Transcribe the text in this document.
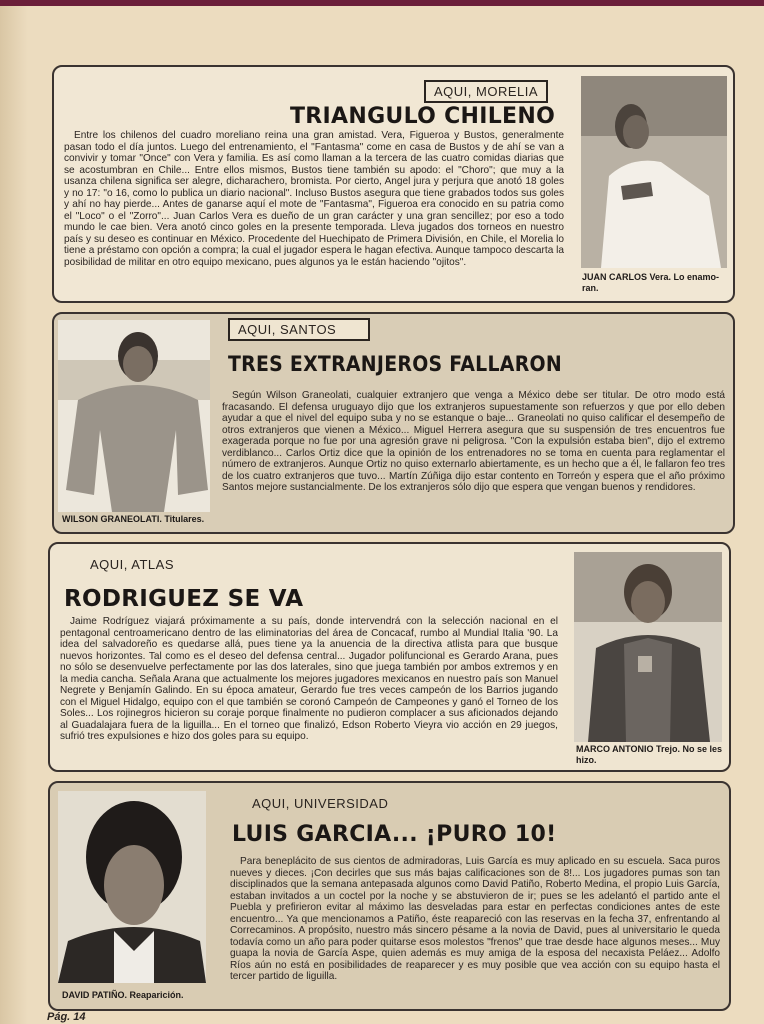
AQUI, MORELIA
TRIANGULO CHILENO
Entre los chilenos del cuadro moreliano reina una gran amistad. Vera, Figueroa y Bustos, generalmente pasan todo el día juntos. Luego del entrenamiento, el "Fantasma" come en casa de Bustos y de ahí se van a convivir y tomar "Once" con Vera y familia. Es así como llaman a la tercera de las cuatro comidas diarias que se acostumbran en Chile... Entre ellos mismos, Bustos tiene también su apodo: el "Choro"; que muy a la usanza chilena significa ser alegre, dicharachero, bromista. Por cierto, Angel jura y perjura que anotó 18 goles y no 17: "o 16, como lo publica un diario nacional". Incluso Bustos asegura que tiene grabados todos sus goles y ahí no hay pierde... Antes de ganarse aquí el mote de "Fantasma", Figueroa era conocido en su patria como el "Loco" o el "Zorro"... Juan Carlos Vera es dueño de un gran carácter y una gran sencillez; por eso a todo mundo le cae bien. Vera anotó cinco goles en la presente temporada. Lleva jugados dos torneos en nuestro país y su deseo es continuar en México. Procedente del Huechipato de Primera División, en Chile, el Morelia lo tiene a préstamo con opción a compra; la cual el jugador espera le hagan efectiva. Aunque tampoco descarta la posibilidad de militar en otro equipo mexicano, pues algunos ya le están haciendo "ojitos".
JUAN CARLOS Vera. Lo enamo-ran.
AQUI, SANTOS
TRES EXTRANJEROS FALLARON
Según Wilson Graneolati, cualquier extranjero que venga a México debe ser titular. De otro modo está fracasando. El defensa uruguayo dijo que los extranjeros supuestamente son refuerzos y que por ello deben ayudar a que el nivel del equipo suba y no se estanque o baje... Graneolati no quiso calificar el desempeño de otros extranjeros que vienen a México... Miguel Herrera asegura que su suspensión de tres encuentros fue exagerada porque no fue por una agresión grave ni peligrosa. "Con la expulsión estaba bien", dijo el extremo verdiblanco... Carlos Ortiz dice que la opinión de los entrenadores no se toma en cuenta para reglamentar el número de extranjeros. Aunque Ortiz no quiso externarlo abiertamente, es un hecho que a él, le fallaron feo tres de los cuatro extranjeros que tuvo... Martín Zúñiga dijo estar contento en Torreón y espera que el año próximo Santos mejore sustancialmente. De los extranjeros sólo dijo que espera que vengan buenos y rendidores.
WILSON GRANEOLATI. Titulares.
AQUI, ATLAS
RODRIGUEZ SE VA
Jaime Rodríguez viajará próximamente a su país, donde intervendrá con la selección nacional en el pentagonal centroamericano dentro de las eliminatorias del área de Concacaf, rumbo al Mundial Italia '90. La idea del salvadoreño es quedarse allá, pues tiene ya la anuencia de la directiva atlista para que busque nuevos horizontes. Tal como es el deseo del defensa central... Jugador polifuncional es Gerardo Arana, pues no sólo se desenvuelve perfectamente por las dos laterales, sino que juega también por ambos extremos y en la media cancha. Señala Arana que actualmente los mejores jugadores mexicanos en nuestro país son Manuel Negrete y Benjamín Galindo. En su época amateur, Gerardo fue tres veces campeón de los Barrios jugando con el Miguel Hidalgo, equipo con el que también se coronó Campeón de Campeones y ganó el Torneo de los Soles... Los rojinegros hicieron su coraje porque finalmente no pudieron complacer a sus aficionados dejando al Guadalajara fuera de la liguilla... En el torneo que finalizó, Edson Roberto Vieyra vio acción en 29 juegos, sufrió tres expulsiones e hizo dos goles para su equipo.
MARCO ANTONIO Trejo. No se les hizo.
AQUI, UNIVERSIDAD
LUIS GARCIA... ¡PURO 10!
Para beneplácito de sus cientos de admiradoras, Luis García es muy aplicado en su escuela. Saca puros nueves y dieces. ¡Con decirles que sus más bajas calificaciones son de 8!... Los jugadores pumas son tan disciplinados que la semana antepasada algunos como David Patiño, Roberto Medina, el propio Luis García, estaban invitados a un coctel por la noche y se abstuvieron de ir; pues se les adelantó el partido ante el Puebla y prefirieron evitar al máximo las desveladas para estar en perfectas condiciones antes de este encuentro... Ya que mencionamos a Patiño, éste reapareció con las reservas en la fecha 37, enfrentando al Correcaminos. A propósito, nuestro más sincero pésame a la novia de David, pues al universitario le queda todavía como un año para poder quitarse esos molestos "frenos" que trae desde hace algunos meses... Muy guapa la novia de García Aspe, quien además es muy amiga de la esposa del necaxista Peláez... Adolfo Ríos aún no está en posibilidades de reaparecer y es muy posible que vea acción con su equipo hasta el tercer partido de liguilla.
DAVID PATIÑO. Reaparición.
Pág. 14
